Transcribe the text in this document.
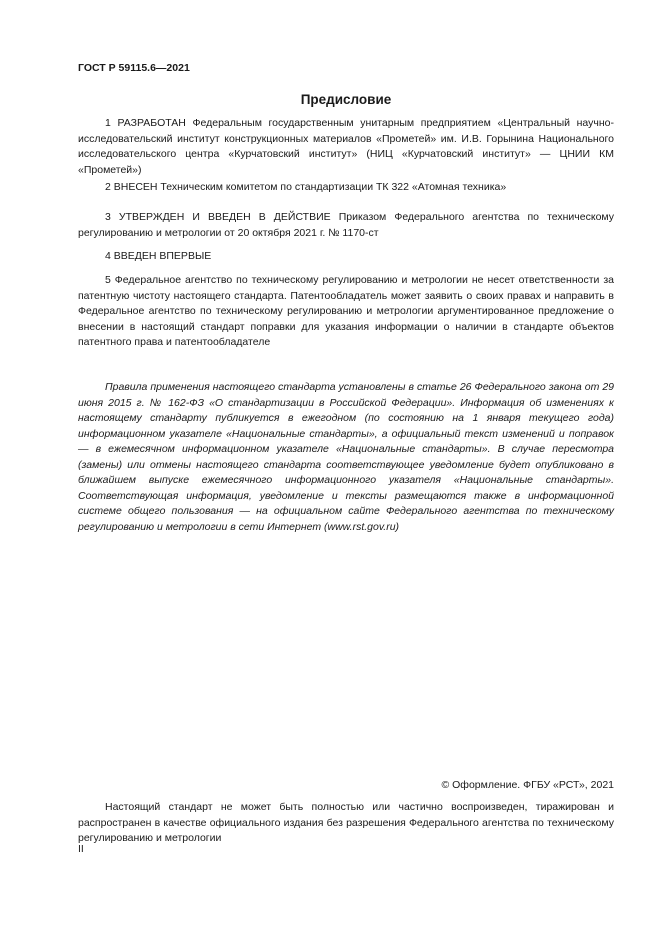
ГОСТ Р 59115.6—2021
Предисловие

1 РАЗРАБОТАН Федеральным государственным унитарным предприятием «Центральный научно-исследовательский институт конструкционных материалов «Прометей» им. И.В. Горынина Национального исследовательского центра «Курчатовский институт» (НИЦ «Курчатовский институт» — ЦНИИ КМ «Прометей»)

2 ВНЕСЕН Техническим комитетом по стандартизации ТК 322 «Атомная техника»

3 УТВЕРЖДЕН И ВВЕДЕН В ДЕЙСТВИЕ Приказом Федерального агентства по техническому регулированию и метрологии от 20 октября 2021 г. № 1170-ст

4 ВВЕДЕН ВПЕРВЫЕ

5 Федеральное агентство по техническому регулированию и метрологии не несет ответственности за патентную чистоту настоящего стандарта. Патентообладатель может заявить о своих правах и направить в Федеральное агентство по техническому регулированию и метрологии аргументированное предложение о внесении в настоящий стандарт поправки для указания информации о наличии в стандарте объектов патентного права и патентообладателе

Правила применения настоящего стандарта установлены в статье 26 Федерального закона от 29 июня 2015 г. № 162-ФЗ «О стандартизации в Российской Федерации». Информация об изменениях к настоящему стандарту публикуется в ежегодном (по состоянию на 1 января текущего года) информационном указателе «Национальные стандарты», а официальный текст изменений и поправок — в ежемесячном информационном указателе «Национальные стандарты». В случае пересмотра (замены) или отмены настоящего стандарта соответствующее уведомление будет опубликовано в ближайшем выпуске ежемесячного информационного указателя «Национальные стандарты». Соответствующая информация, уведомление и тексты размещаются также в информационной системе общего пользования — на официальном сайте Федерального агентства по техническому регулированию и метрологии в сети Интернет (www.rst.gov.ru)

© Оформление. ФГБУ «РСТ», 2021

Настоящий стандарт не может быть полностью или частично воспроизведен, тиражирован и распространен в качестве официального издания без разрешения Федерального агентства по техническому регулированию и метрологии

II
